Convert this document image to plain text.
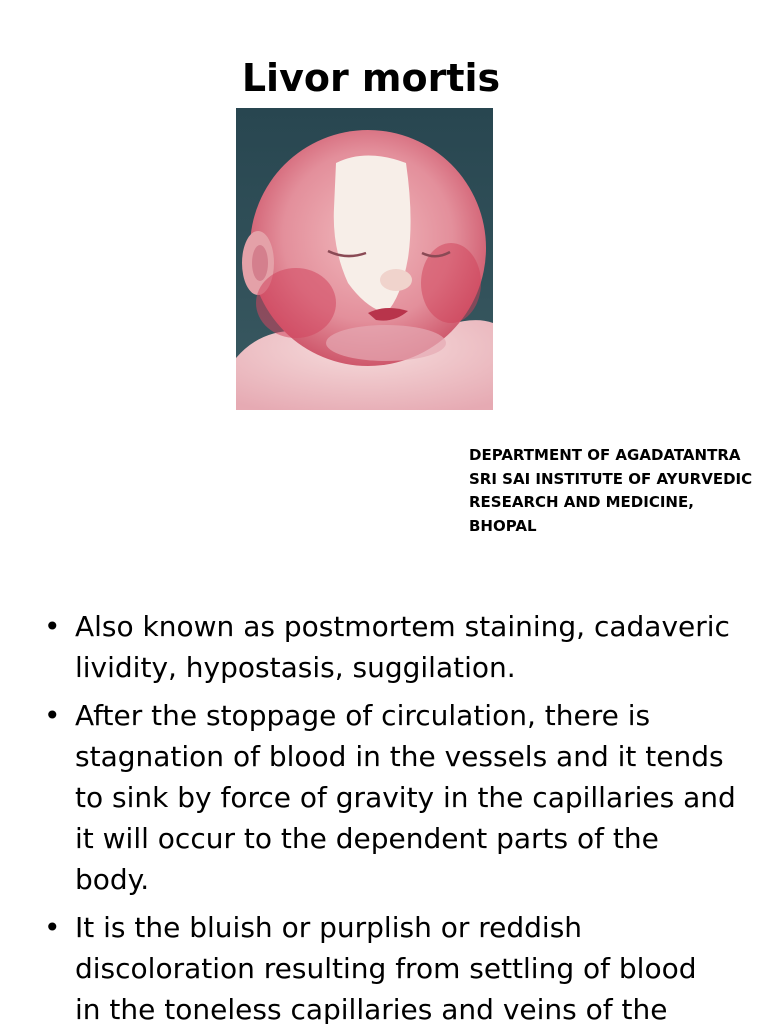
Livor mortis
DEPARTMENT OF AGADATANTRA
SRI SAI INSTITUTE OF AYURVEDIC
RESEARCH AND MEDICINE,
BHOPAL
• Also known as postmortem staining, cadaveric
lividity, hypostasis, suggilation.
• After the stoppage of circulation, there is
stagnation of blood in the vessels and it tends
to sink by force of gravity in the capillaries and
it will occur to the dependent parts of the
body.
• It is the bluish or purplish or reddish
discoloration resulting from settling of blood
in the toneless capillaries and veins of the
